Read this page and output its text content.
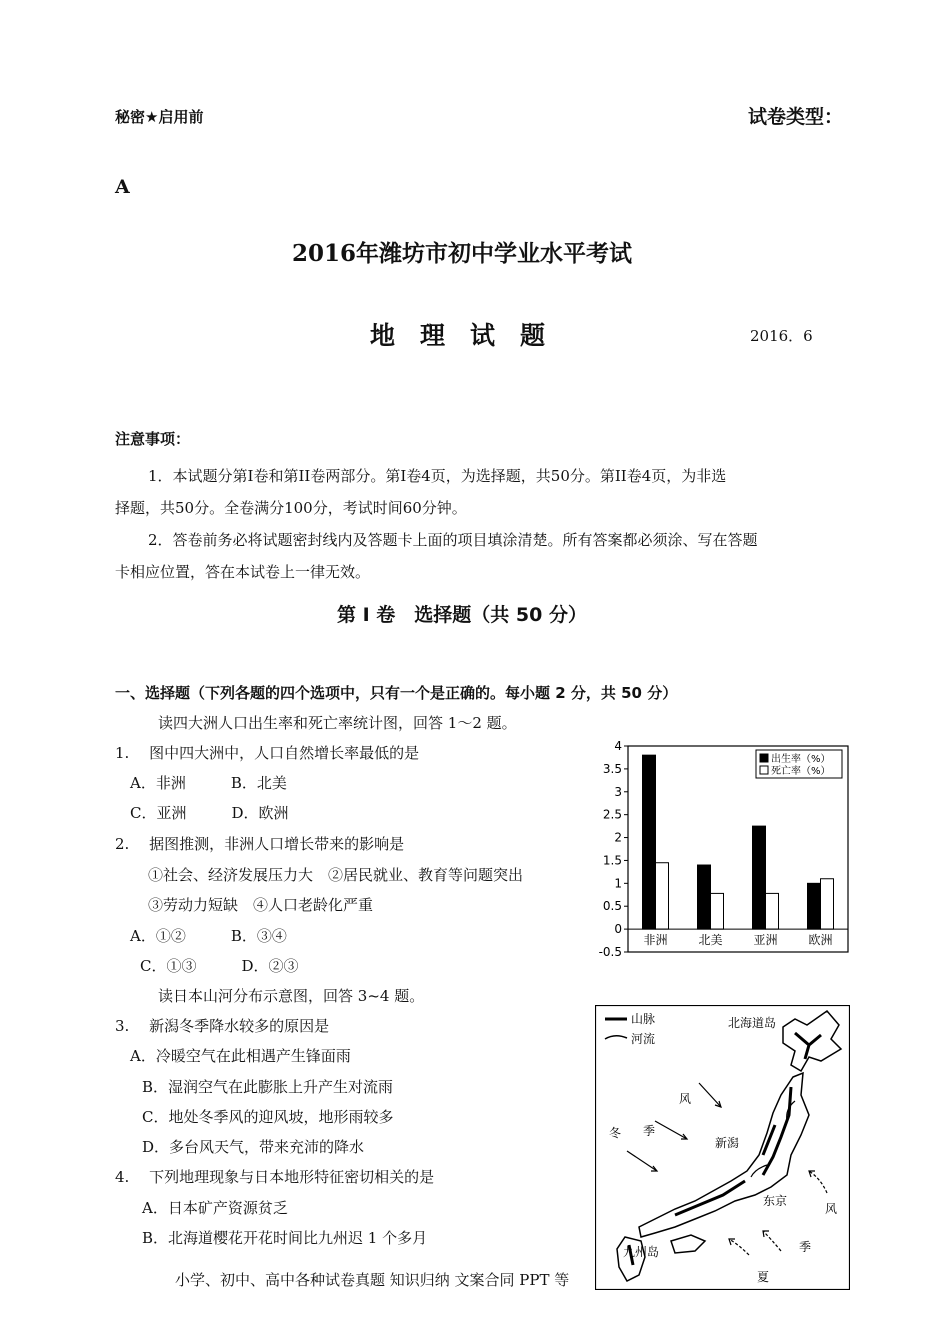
秘密★启用前	试卷类型：
A
2016年潍坊市初中学业水平考试
地　理　试　题	2016．6
注意事项：
1．本试题分第I卷和第II卷两部分。第I卷4页，为选择题，共50分。第II卷4页，为非选
择题，共50分。全卷满分100分，考试时间60分钟。
2．答卷前务必将试题密封线内及答题卡上面的项目填涂清楚。所有答案都必须涂、写在答题
卡相应位置，答在本试卷上一律无效。
第 Ⅰ 卷　选择题（共 50 分）
一、选择题（下列各题的四个选项中，只有一个是正确的。每小题 2 分，共 50 分）
读四大洲人口出生率和死亡率统计图，回答 1～2 题。
1.　 图中四大洲中，人口自然增长率最低的是
A．非洲　　　B．北美
C．亚洲　　　D．欧洲
2.　 据图推测，非洲人口增长带来的影响是
①社会、经济发展压力大　②居民就业、教育等问题突出
③劳动力短缺　④人口老龄化严重
A．①②　　　B．③④
C．①③　　　D．②③
读日本山河分布示意图，回答 3~4 题。
3.　 新潟冬季降水较多的原因是
A．冷暖空气在此相遇产生锋面雨
B．湿润空气在此膨胀上升产生对流雨
C．地处冬季风的迎风坡，地形雨较多
D．多台风天气，带来充沛的降水
4.　 下列地理现象与日本地形特征密切相关的是
A．日本矿产资源贫乏
B．北海道樱花开花时间比九州迟 1 个多月
小学、初中、高中各种试卷真题 知识归纳 文案合同 PPT 等
4
3.5
3
2.5
2
1.5
1
0.5
0
-0.5
非洲	北美	亚洲	欧洲
出生率（%）
死亡率（%）
山脉
河流
北海道岛
新潟
东京
九州岛
风
季
冬
风
季
夏
